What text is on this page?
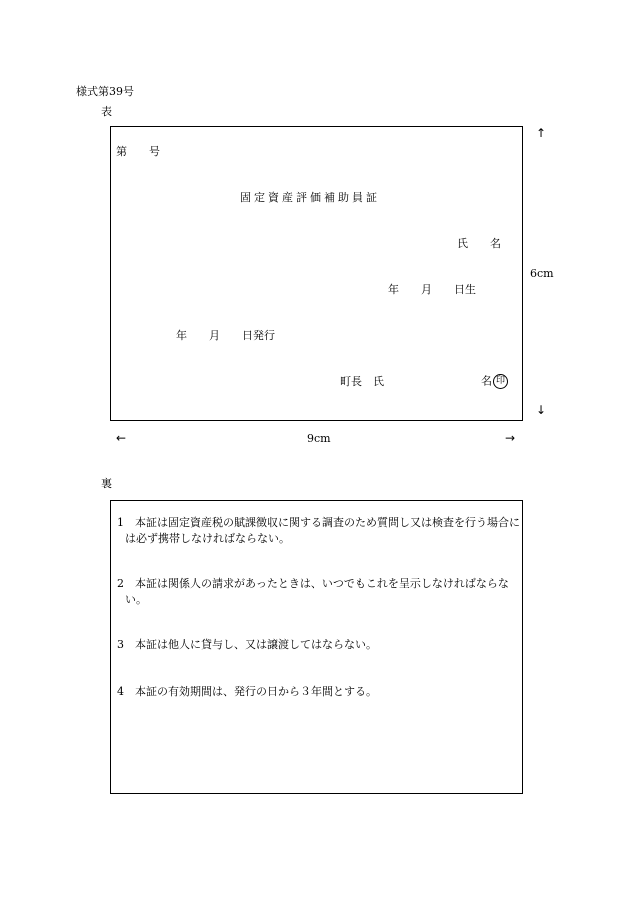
様式第39号
表
第　　号
固定資産評価補助員証
氏　　名
年　　月　　日生
年　　月　　日発行
町長　氏	名 印
↑
6cm
↓
←	9cm	→
裏
1　本証は固定資産税の賦課徴収に関する調査のため質問し又は検査を行う場合には必ず携帯しなければならない。
2　本証は関係人の請求があったときは、いつでもこれを呈示しなければならない。
3　本証は他人に貸与し、又は譲渡してはならない。
4　本証の有効期間は、発行の日から３年間とする。
